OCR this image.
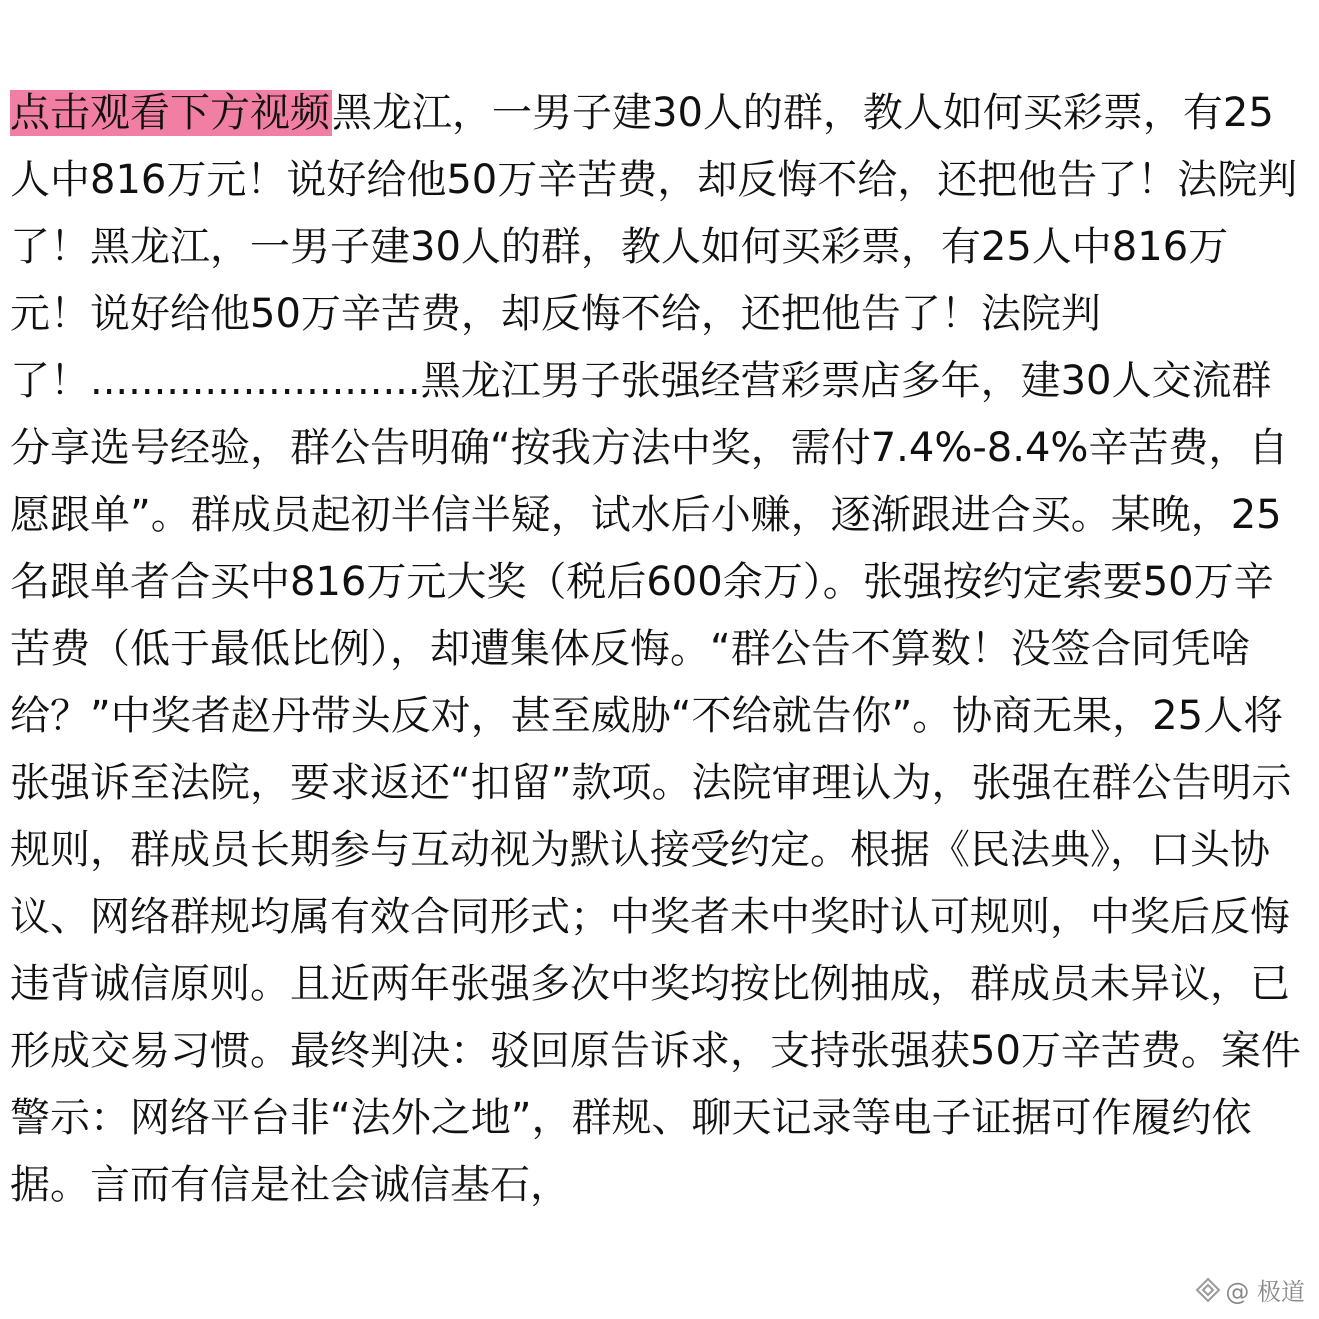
点击观看下方视频黑龙江，一男子建30人的群，教人如何买彩票，有25人中816万元！说好给他50万辛苦费，却反悔不给，还把他告了！法院判了！黑龙江，一男子建30人的群，教人如何买彩票，有25人中816万元！说好给他50万辛苦费，却反悔不给，还把他告了！法院判了！..........................黑龙江男子张强经营彩票店多年，建30人交流群分享选号经验，群公告明确“按我方法中奖，需付7.4%-8.4%辛苦费，自愿跟单”。群成员起初半信半疑，试水后小赚，逐渐跟进合买。某晚，25名跟单者合买中816万元大奖（税后600余万）。张强按约定索要50万辛苦费（低于最低比例），却遭集体反悔。“群公告不算数！没签合同凭啥给？”中奖者赵丹带头反对，甚至威胁“不给就告你”。协商无果，25人将张强诉至法院，要求返还“扣留”款项。法院审理认为，张强在群公告明示规则，群成员长期参与互动视为默认接受约定。根据《民法典》，口头协议、网络群规均属有效合同形式；中奖者未中奖时认可规则，中奖后反悔违背诚信原则。且近两年张强多次中奖均按比例抽成，群成员未异议，已形成交易习惯。最终判决：驳回原告诉求，支持张强获50万辛苦费。案件警示：网络平台非“法外之地”，群规、聊天记录等电子证据可作履约依据。言而有信是社会诚信基石，

@ 极道
